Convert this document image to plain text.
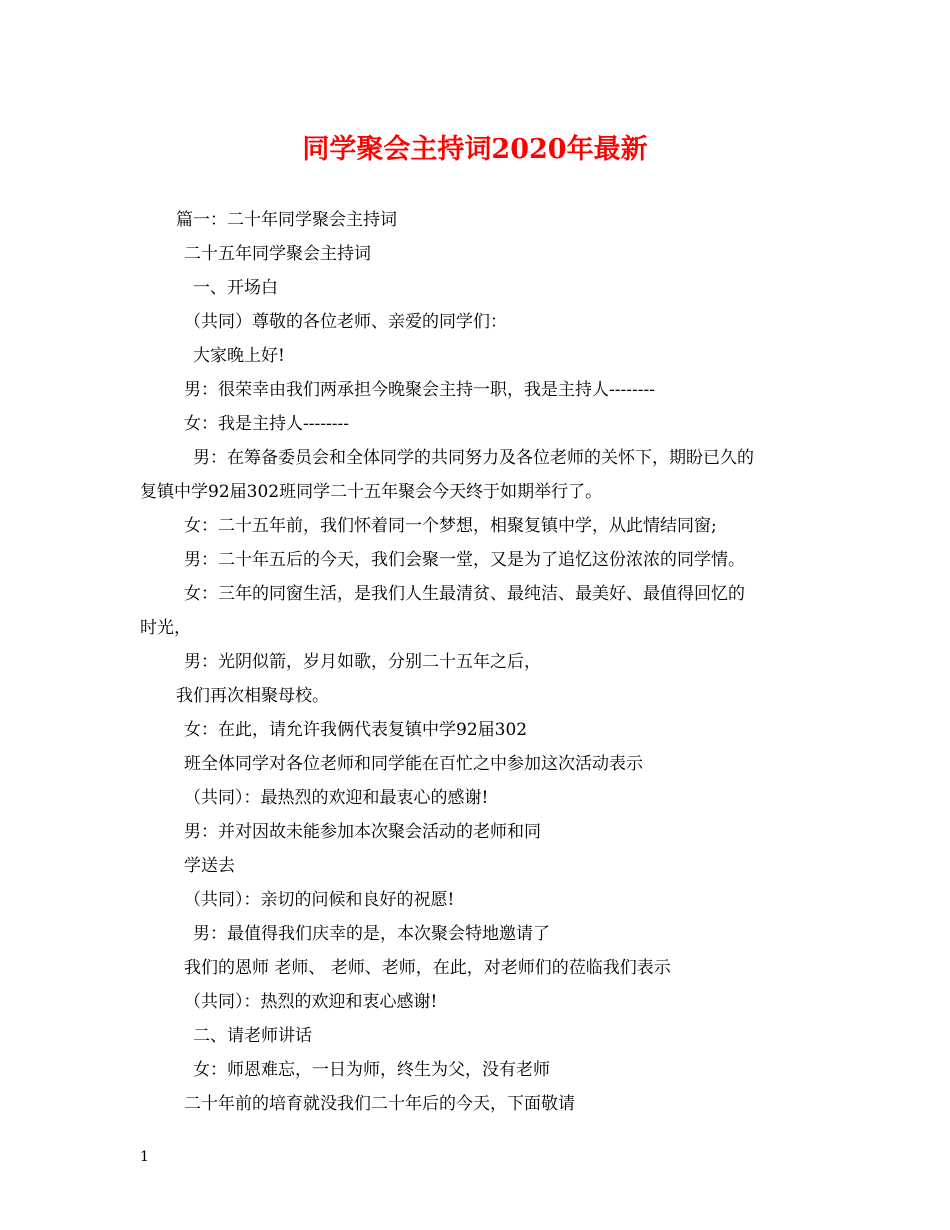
同学聚会主持词2020年最新
篇一：二十年同学聚会主持词
二十五年同学聚会主持词
一、开场白
（共同）尊敬的各位老师、亲爱的同学们：
大家晚上好!
男：很荣幸由我们两承担今晚聚会主持一职，我是主持人--------
女：我是主持人--------
男：在筹备委员会和全体同学的共同努力及各位老师的关怀下，期盼已久的
复镇中学92届302班同学二十五年聚会今天终于如期举行了。
女：二十五年前，我们怀着同一个梦想，相聚复镇中学，从此情结同窗;
男：二十年五后的今天，我们会聚一堂，又是为了追忆这份浓浓的同学情。
女：三年的同窗生活，是我们人生最清贫、最纯洁、最美好、最值得回忆的
时光，
男：光阴似箭，岁月如歌，分别二十五年之后，
我们再次相聚母校。
女：在此，请允许我俩代表复镇中学92届302
班全体同学对各位老师和同学能在百忙之中参加这次活动表示
（共同）：最热烈的欢迎和最衷心的感谢!
男：并对因故未能参加本次聚会活动的老师和同
学送去
（共同）：亲切的问候和良好的祝愿!
男：最值得我们庆幸的是，本次聚会特地邀请了
我们的恩师 老师、 老师、老师，在此，对老师们的莅临我们表示
（共同）：热烈的欢迎和衷心感谢!
二、请老师讲话
女：师恩难忘，一日为师，终生为父，没有老师
二十年前的培育就没我们二十年后的今天，下面敬请
1
